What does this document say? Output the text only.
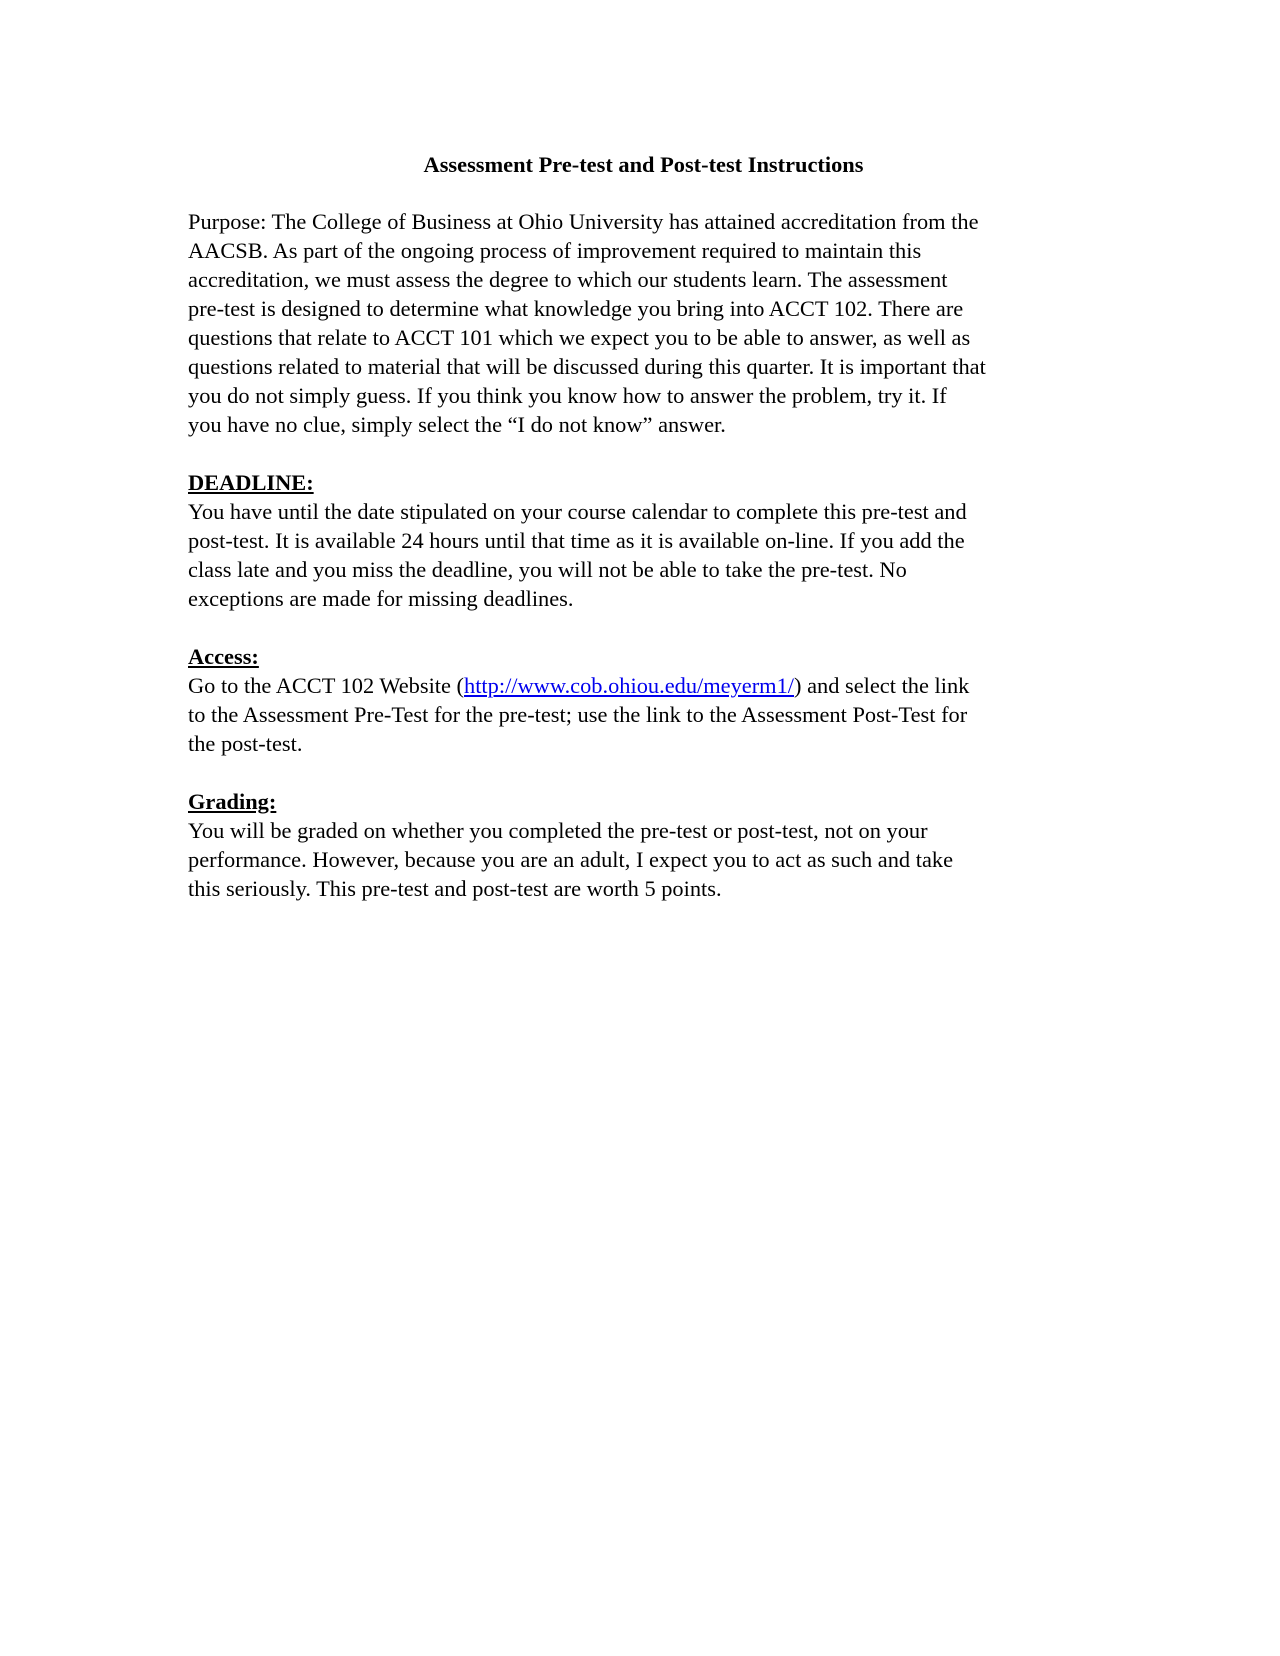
Assessment Pre-test and Post-test Instructions
Purpose: The College of Business at Ohio University has attained accreditation from the
AACSB. As part of the ongoing process of improvement required to maintain this
accreditation, we must assess the degree to which our students learn. The assessment
pre-test is designed to determine what knowledge you bring into ACCT 102. There are
questions that relate to ACCT 101 which we expect you to be able to answer, as well as
questions related to material that will be discussed during this quarter. It is important that
you do not simply guess. If you think you know how to answer the problem, try it. If
you have no clue, simply select the “I do not know” answer.
DEADLINE:
You have until the date stipulated on your course calendar to complete this pre-test and
post-test. It is available 24 hours until that time as it is available on-line. If you add the
class late and you miss the deadline, you will not be able to take the pre-test. No
exceptions are made for missing deadlines.
Access:
Go to the ACCT 102 Website (http://www.cob.ohiou.edu/meyerm1/) and select the link
to the Assessment Pre-Test for the pre-test; use the link to the Assessment Post-Test for
the post-test.
Grading:
You will be graded on whether you completed the pre-test or post-test, not on your
performance. However, because you are an adult, I expect you to act as such and take
this seriously. This pre-test and post-test are worth 5 points.
